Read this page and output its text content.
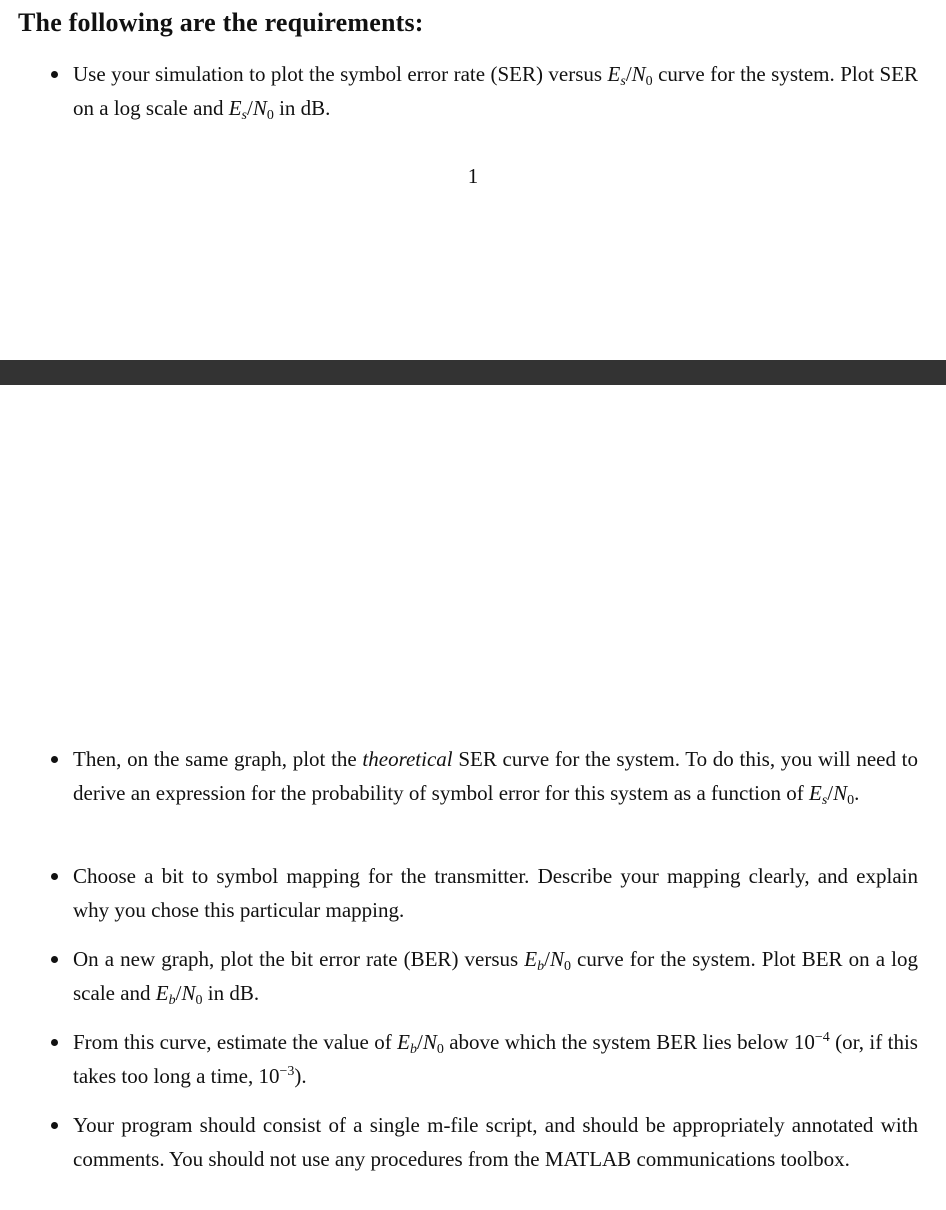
The following are the requirements:

Use your simulation to plot the symbol error rate (SER) versus $E_s/N_0$ curve for the system. Plot SER on a log scale and $E_s/N_0$ in dB.

1

Then, on the same graph, plot the theoretical SER curve for the system. To do this, you will need to derive an expression for the probability of symbol error for this system as a function of $E_s/N_0$.

Choose a bit to symbol mapping for the transmitter. Describe your mapping clearly, and explain why you chose this particular mapping.

On a new graph, plot the bit error rate (BER) versus $E_b/N_0$ curve for the system. Plot BER on a log scale and $E_b/N_0$ in dB.

From this curve, estimate the value of $E_b/N_0$ above which the system BER lies below $10^{-4}$ (or, if this takes too long a time, $10^{-3}$).

Your program should consist of a single m-file script, and should be appropriately annotated with comments. You should not use any procedures from the MATLAB communications toolbox.
